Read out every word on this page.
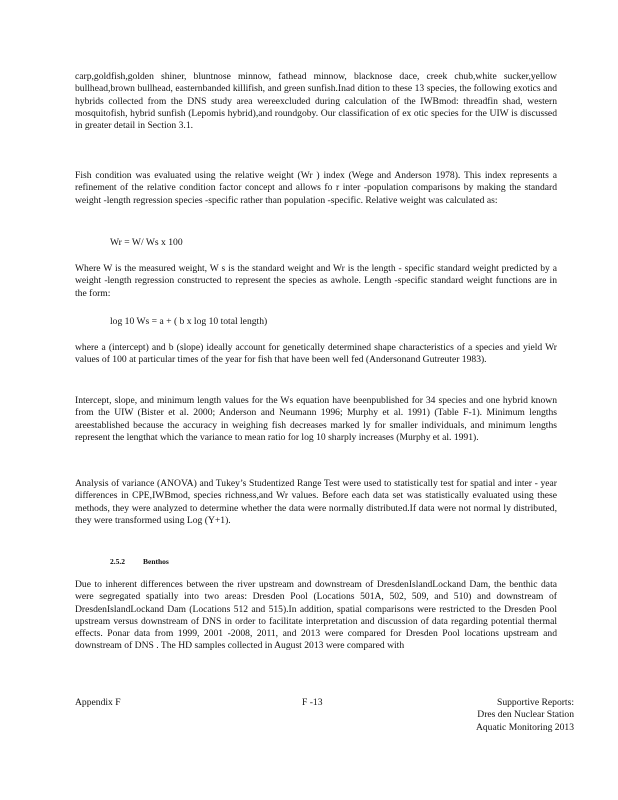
carp,goldfish,golden shiner, bluntnose minnow, fathead minnow, blacknose dace, creek chub,white sucker,yellow bullhead,brown bullhead, easternbanded killifish, and green sunfish.Inad dition to these 13 species, the following exotics and hybrids collected from the DNS study area wereexcluded during calculation of the IWBmod: threadfin shad, western mosquitofish, hybrid sunfish (Lepomis hybrid),and roundgoby. Our classification of ex otic species for the UIW is discussed in greater detail in Section 3.1.

Fish condition was evaluated using the relative weight (Wr ) index (Wege and Anderson 1978). This index represents a refinement of the relative condition factor concept and allows fo r inter -population comparisons by making the standard weight -length regression species -specific rather than population -specific. Relative weight was calculated as:

Wr = W/ Ws x 100

Where W is the measured weight, W s is the standard weight and Wr is the length - specific standard weight predicted by a weight -length regression constructed to represent the species as awhole. Length -specific standard weight functions are in the form:

log 10 Ws = a + ( b x log 10 total length)

where a (intercept) and b (slope) ideally account for genetically determined shape characteristics of a species and yield Wr values of 100 at particular times of the year for fish that have been well fed (Andersonand Gutreuter 1983).

Intercept, slope, and minimum length values for the Ws equation have beenpublished for 34 species and one hybrid known from the UIW (Bister et al. 2000; Anderson and Neumann 1996; Murphy et al. 1991) (Table F-1). Minimum lengths areestablished because the accuracy in weighing fish decreases marked ly for smaller individuals, and minimum lengths represent the lengthat which the variance to mean ratio for log 10 sharply increases (Murphy et al. 1991).

Analysis of variance (ANOVA) and Tukey’s Studentized Range Test were used to statistically test for spatial and inter - year differences in CPE,IWBmod, species richness,and Wr values. Before each data set was statistically evaluated using these methods, they were analyzed to determine whether the data were normally distributed.If data were not normal ly distributed, they were transformed using Log (Y+1).

2.5.2 Benthos

Due to inherent differences between the river upstream and downstream of DresdenIslandLockand Dam, the benthic data were segregated spatially into two areas: Dresden Pool (Locations 501A, 502, 509, and 510) and downstream of DresdenIslandLockand Dam (Locations 512 and 515).In addition, spatial comparisons were restricted to the Dresden Pool upstream versus downstream of DNS in order to facilitate interpretation and discussion of data regarding potential thermal effects. Ponar data from 1999, 2001 -2008, 2011, and 2013 were compared for Dresden Pool locations upstream and downstream of DNS . The HD samples collected in August 2013 were compared with

Appendix F	F -13	Supportive Reports:
Dres den Nuclear Station
Aquatic Monitoring 2013
